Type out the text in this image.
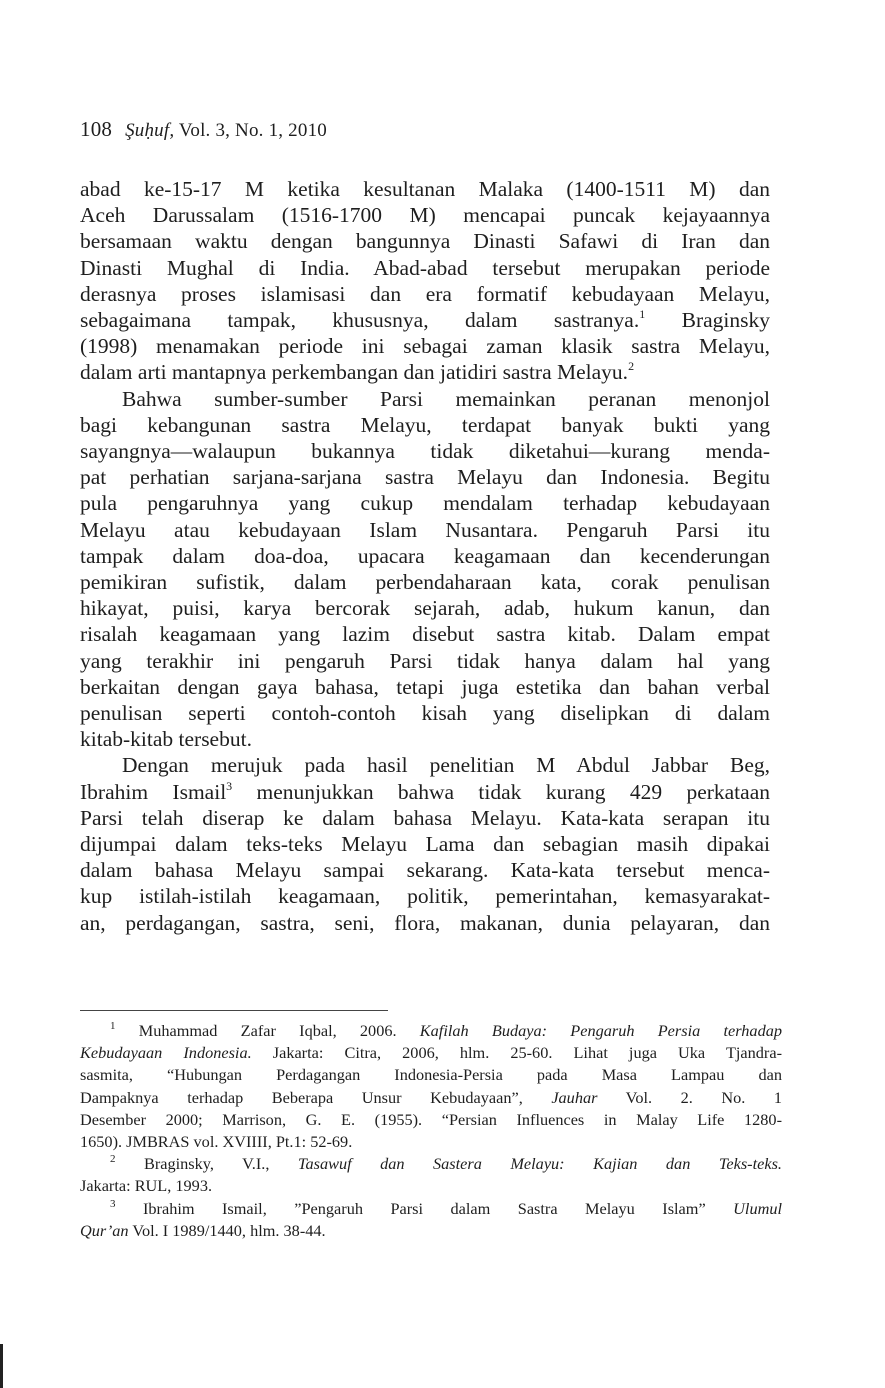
108 Şuḥuf, Vol. 3, No. 1, 2010
abad ke-15-17 M ketika kesultanan Malaka (1400-1511 M) dan
Aceh Darussalam (1516-1700 M) mencapai puncak kejayaannya
bersamaan waktu dengan bangunnya Dinasti Safawi di Iran dan
Dinasti Mughal di India. Abad-abad tersebut merupakan periode
derasnya proses islamisasi dan era formatif kebudayaan Melayu,
sebagaimana tampak, khususnya, dalam sastranya.$^1$ Braginsky
(1998) menamakan periode ini sebagai zaman klasik sastra Melayu,
dalam arti mantapnya perkembangan dan jatidiri sastra Melayu.$^2$
Bahwa sumber-sumber Parsi memainkan peranan menonjol
bagi kebangunan sastra Melayu, terdapat banyak bukti yang
sayangnya—walaupun bukannya tidak diketahui—kurang menda-
pat perhatian sarjana-sarjana sastra Melayu dan Indonesia. Begitu
pula pengaruhnya yang cukup mendalam terhadap kebudayaan
Melayu atau kebudayaan Islam Nusantara. Pengaruh Parsi itu
tampak dalam doa-doa, upacara keagamaan dan kecenderungan
pemikiran sufistik, dalam perbendaharaan kata, corak penulisan
hikayat, puisi, karya bercorak sejarah, adab, hukum kanun, dan
risalah keagamaan yang lazim disebut sastra kitab. Dalam empat
yang terakhir ini pengaruh Parsi tidak hanya dalam hal yang
berkaitan dengan gaya bahasa, tetapi juga estetika dan bahan verbal
penulisan seperti contoh-contoh kisah yang diselipkan di dalam
kitab-kitab tersebut.
Dengan merujuk pada hasil penelitian M Abdul Jabbar Beg,
Ibrahim Ismail$^3$ menunjukkan bahwa tidak kurang 429 perkataan
Parsi telah diserap ke dalam bahasa Melayu. Kata-kata serapan itu
dijumpai dalam teks-teks Melayu Lama dan sebagian masih dipakai
dalam bahasa Melayu sampai sekarang. Kata-kata tersebut menca-
kup istilah-istilah keagamaan, politik, pemerintahan, kemasyarakat-
an, perdagangan, sastra, seni, flora, makanan, dunia pelayaran, dan
$^1$ Muhammad Zafar Iqbal, 2006. Kafilah Budaya: Pengaruh Persia terhadap
Kebudayaan Indonesia. Jakarta: Citra, 2006, hlm. 25-60. Lihat juga Uka Tjandra-
sasmita, “Hubungan Perdagangan Indonesia-Persia pada Masa Lampau dan
Dampaknya terhadap Beberapa Unsur Kebudayaan”, Jauhar Vol. 2. No. 1
Desember 2000; Marrison, G. E. (1955). “Persian Influences in Malay Life 1280-
1650). JMBRAS vol. XVIIII, Pt.1: 52-69.
$^2$ Braginsky, V.I., Tasawuf dan Sastera Melayu: Kajian dan Teks-teks.
Jakarta: RUL, 1993.
$^3$ Ibrahim Ismail, ”Pengaruh Parsi dalam Sastra Melayu Islam” Ulumul
Qur’an Vol. I 1989/1440, hlm. 38-44.
